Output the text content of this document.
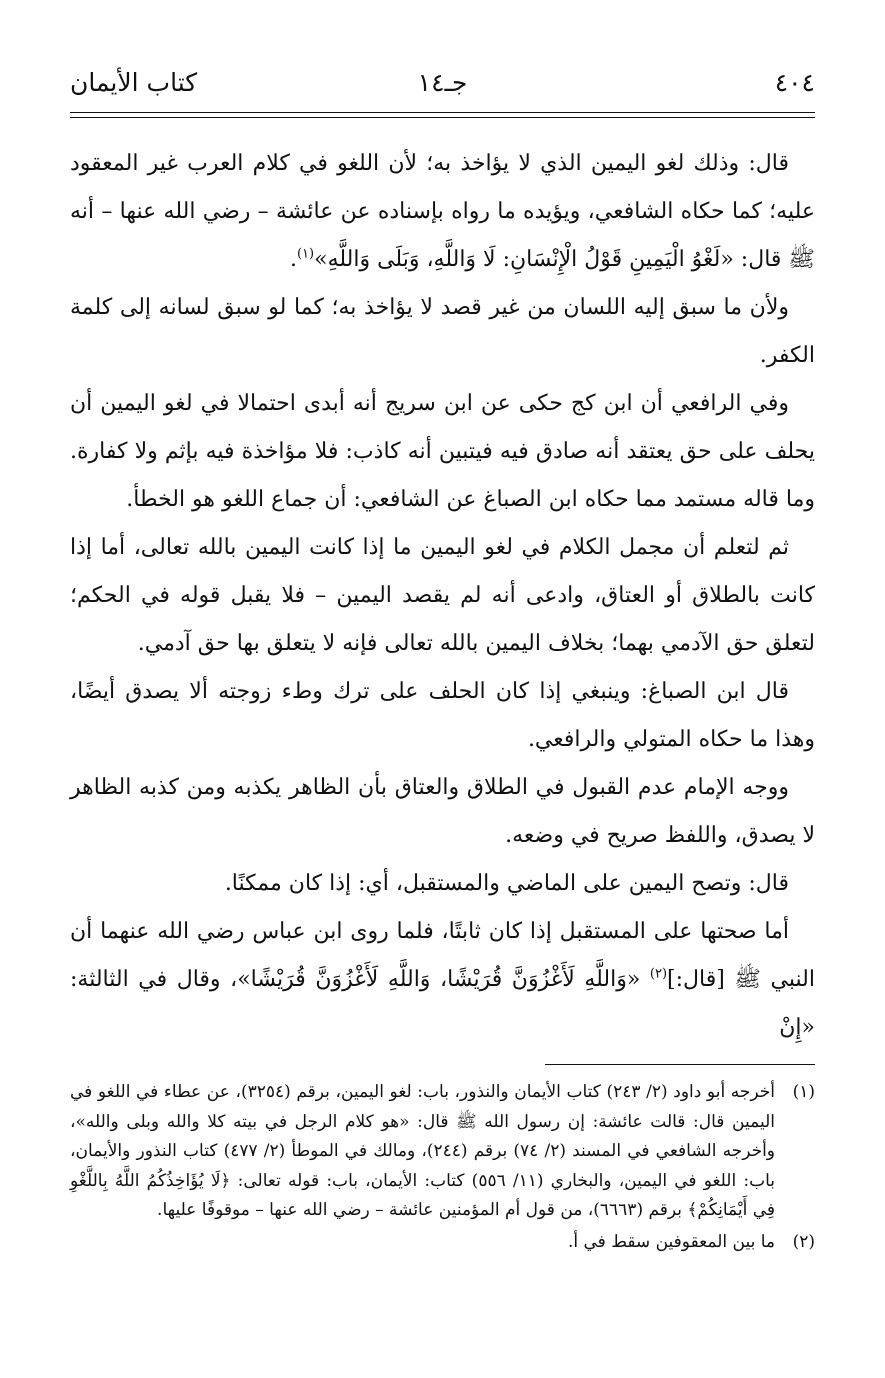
٤٠٤
جـ١٤
كتاب الأيمان

قال: وذلك لغو اليمين الذي لا يؤاخذ به؛ لأن اللغو في كلام العرب غير المعقود عليه؛ كما حكاه الشافعي، ويؤيده ما رواه بإسناده عن عائشة – رضي الله عنها – أنه ﷺ قال: «لَغْوُ الْيَمِينِ قَوْلُ الْإِنْسَانِ: لَا وَاللَّهِ، وَبَلَى وَاللَّهِ»$^{(١)}$.

ولأن ما سبق إليه اللسان من غير قصد لا يؤاخذ به؛ كما لو سبق لسانه إلى كلمة الكفر.

وفي الرافعي أن ابن كج حكى عن ابن سريج أنه أبدى احتمالا في لغو اليمين أن يحلف على حق يعتقد أنه صادق فيه فيتبين أنه كاذب: فلا مؤاخذة فيه بإثم ولا كفارة. وما قاله مستمد مما حكاه ابن الصباغ عن الشافعي: أن جماع اللغو هو الخطأ.

ثم لتعلم أن مجمل الكلام في لغو اليمين ما إذا كانت اليمين بالله تعالى، أما إذا كانت بالطلاق أو العتاق، وادعى أنه لم يقصد اليمين – فلا يقبل قوله في الحكم؛ لتعلق حق الآدمي بهما؛ بخلاف اليمين بالله تعالى فإنه لا يتعلق بها حق آدمي.

قال ابن الصباغ: وينبغي إذا كان الحلف على ترك وطء زوجته ألا يصدق أيضًا، وهذا ما حكاه المتولي والرافعي.

ووجه الإمام عدم القبول في الطلاق والعتاق بأن الظاهر يكذبه ومن كذبه الظاهر لا يصدق، واللفظ صريح في وضعه.

قال: وتصح اليمين على الماضي والمستقبل، أي: إذا كان ممكنًا.

أما صحتها على المستقبل إذا كان ثابتًا، فلما روى ابن عباس رضي الله عنهما أن النبي ﷺ [قال:]$^{(٢)}$ «وَاللَّهِ لَأَغْزُوَنَّ قُرَيْشًا، وَاللَّهِ لَأَغْزُوَنَّ قُرَيْشًا»، وقال في الثالثة: «إِنْ

(١)
أخرجه أبو داود (٢/ ٢٤٣) كتاب الأيمان والنذور، باب: لغو اليمين، برقم (٣٢٥٤)، عن عطاء في اللغو في اليمين قال: قالت عائشة: إن رسول الله ﷺ قال: «هو كلام الرجل في بيته كلا والله وبلى والله»، وأخرجه الشافعي في المسند (٢/ ٧٤) برقم (٢٤٤)، ومالك في الموطأ (٢/ ٤٧٧) كتاب النذور والأيمان، باب: اللغو في اليمين، والبخاري (١١/ ٥٥٦) كتاب: الأيمان، باب: قوله تعالى: ﴿لَا يُؤَاخِذُكُمُ اللَّهُ بِاللَّغْوِ فِي أَيْمَانِكُمْ﴾ برقم (٦٦٦٣)، من قول أم المؤمنين عائشة – رضي الله عنها – موقوفًا عليها.
(٢)
ما بين المعقوفين سقط في أ.
